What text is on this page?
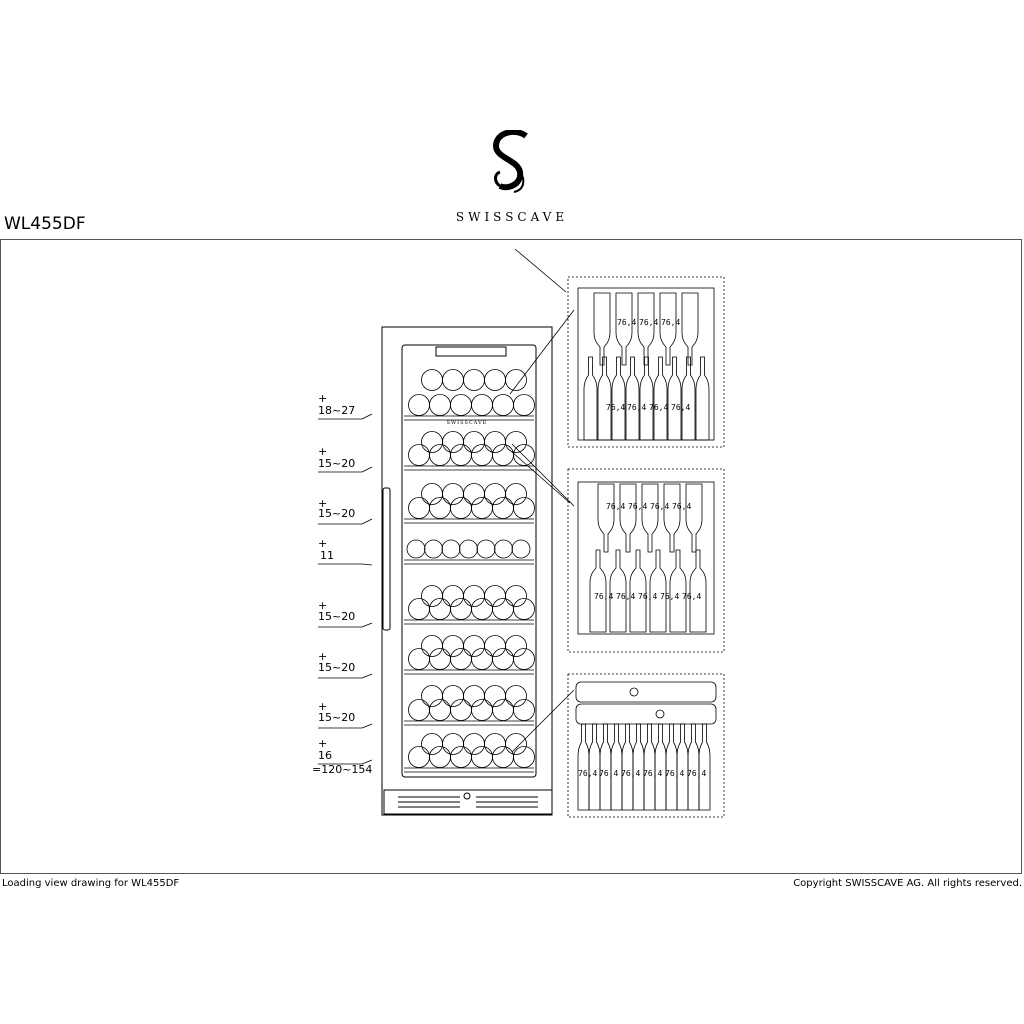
SWISSCAVE
WL455DF
SWISSCAVE
+
18~27
+
15~20
+
15~20
+
11
+
15~20
+
15~20
+
15~20
+
16
=120~154
76,4 76,4 76,4
76,4 76,4 76,4 76,4
76,4 76,4 76,4 76,4
76,4 76,4 76,4 76,4 76,4
76,4 76,4 76,4 76,4 76,4 76,4
Loading view drawing for WL455DF	Copyright SWISSCAVE AG. All rights reserved.
